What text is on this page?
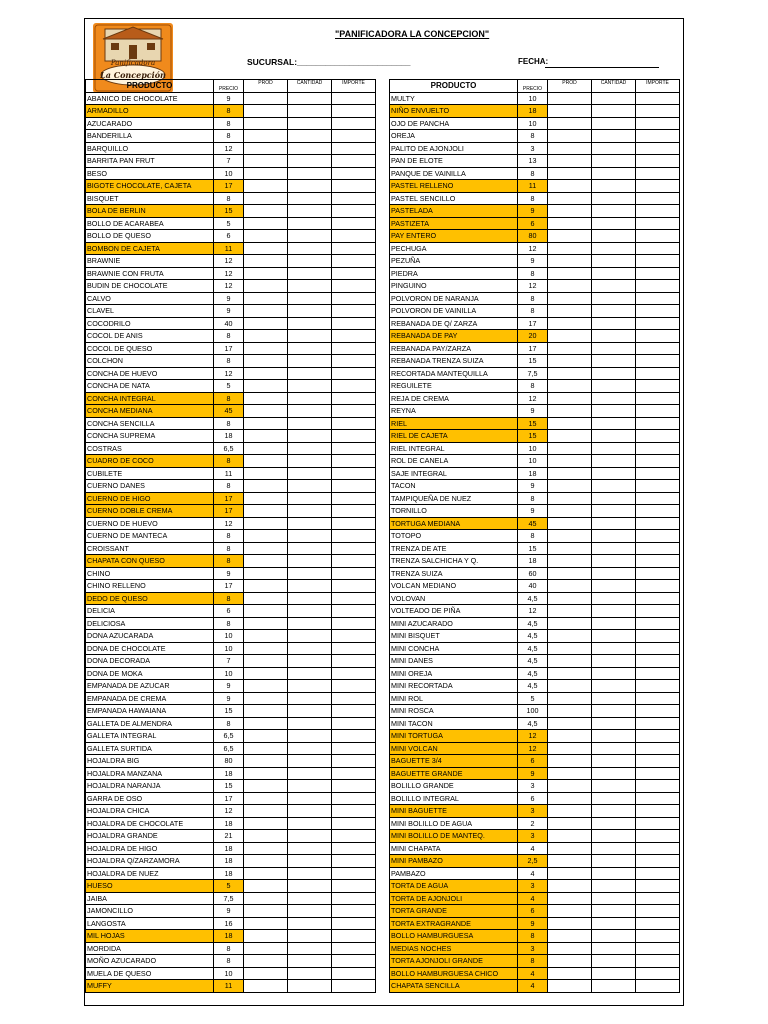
Panificadora
La Concepción
"PANIFICADORA LA CONCEPCION"
SUCURSAL:________________________	FECHA:
PRODUCTO	PRECIO	PROD	CANTIDAD	IMPORTE
ABANICO DE CHOCOLATE	9			
ARMADILLO	8			
AZUCARADO	8			
BANDERILLA	8			
BARQUILLO	12			
BARRITA PAN FRUT	7			
BESO	10			
BIGOTE CHOCOLATE, CAJETA	17			
BISQUET	8			
BOLA DE BERLIN	15			
BOLLO DE ACARABEA	5			
BOLLO DE QUESO	6			
BOMBON DE CAJETA	11			
BRAWNIE	12			
BRAWNIE CON FRUTA	12			
BUDIN DE CHOCOLATE	12			
CALVO	9			
CLAVEL	9			
COCODRILO	40			
COCOL DE ANIS	8			
COCOL DE QUESO	17			
COLCHON	8			
CONCHA DE HUEVO	12			
CONCHA DE NATA	5			
CONCHA INTEGRAL	8			
CONCHA MEDIANA	45			
CONCHA SENCILLA	8			
CONCHA SUPREMA	18			
COSTRAS	6,5			
CUADRO DE COCO	8			
CUBILETE	11			
CUERNO DANES	8			
CUERNO DE HIGO	17			
CUERNO DOBLE CREMA	17			
CUERNO DE HUEVO	12			
CUERNO DE MANTECA	8			
CROISSANT	8			
CHAPATA CON QUESO	8			
CHINO	9			
CHINO RELLENO	17			
DEDO DE QUESO	8			
DELICIA	6			
DELICIOSA	8			
DONA AZUCARADA	10			
DONA DE CHOCOLATE	10			
DONA DECORADA	7			
DONA DE MOKA	10			
EMPANADA DE AZUCAR	9			
EMPANADA DE CREMA	9			
EMPANADA HAWAIANA	15			
GALLETA DE ALMENDRA	8			
GALLETA INTEGRAL	6,5			
GALLETA SURTIDA	6,5			
HOJALDRA BIG	80			
HOJALDRA MANZANA	18			
HOJALDRA NARANJA	15			
GARRA DE OSO	17			
HOJALDRA CHICA	12			
HOJALDRA DE CHOCOLATE	18			
HOJALDRA GRANDE	21			
HOJALDRA DE HIGO	18			
HOJALDRA Q/ZARZAMORA	18			
HOJALDRA DE NUEZ	18			
HUESO	5			
JAIBA	7,5			
JAMONCILLO	9			
LANGOSTA	16			
MIL HOJAS	18			
MORDIDA	8			
MOÑO AZUCARADO	8			
MUELA DE QUESO	10			
MUFFY	11			
PRODUCTO	PRECIO	PROD	CANTIDAD	IMPORTE
MULTY	10			
NIÑO ENVUELTO	18			
OJO DE PANCHA	10			
OREJA	8			
PALITO DE AJONJOLI	3			
PAN DE ELOTE	13			
PANQUE DE VAINILLA	8			
PASTEL RELLENO	11			
PASTEL SENCILLO	8			
PASTELADA	9			
PASTIZETA	6			
PAY ENTERO	80			
PECHUGA	12			
PEZUÑA	9			
PIEDRA	8			
PINGUINO	12			
POLVORON DE NARANJA	8			
POLVORON DE VAINILLA	8			
REBANADA DE Q/ ZARZA	17			
REBANADA DE PAY	20			
REBANADA PAY/ZARZA	17			
REBANADA TRENZA SUIZA	15			
RECORTADA MANTEQUILLA	7,5			
REGUILETE	8			
REJA DE CREMA	12			
REYNA	9			
RIEL	15			
RIEL DE CAJETA	15			
RIEL INTEGRAL	10			
ROL DE CANELA	10			
SAJE INTEGRAL	18			
TACON	9			
TAMPIQUEÑA DE NUEZ	8			
TORNILLO	9			
TORTUGA MEDIANA	45			
TOTOPO	8			
TRENZA DE ATE	15			
TRENZA SALCHICHA Y Q.	18			
TRENZA SUIZA	60			
VOLCAN MEDIANO	40			
VOLOVAN	4,5			
VOLTEADO DE PIÑA	12			
MINI AZUCARADO	4,5			
MINI BISQUET	4,5			
MINI CONCHA	4,5			
MINI DANES	4,5			
MINI OREJA	4,5			
MINI RECORTADA	4,5			
MINI ROL	5			
MINI ROSCA	100			
MINI TACON	4,5			
MINI TORTUGA	12			
MINI VOLCAN	12			
BAGUETTE 3/4	6			
BAGUETTE GRANDE	9			
BOLILLO GRANDE	3			
BOLILLO INTEGRAL	6			
MINI BAGUETTE	3			
MINI BOLILLO DE AGUA	2			
MINI BOLILLO DE MANTEQ.	3			
MINI CHAPATA	4			
MINI PAMBAZO	2,5			
PAMBAZO	4			
TORTA DE AGUA	3			
TORTA DE AJONJOLI	4			
TORTA GRANDE	6			
TORTA EXTRAGRANDE	9			
BOLLO HAMBURGUESA	8			
MEDIAS NOCHES	3			
TORTA AJONJOLI GRANDE	8			
BOLLO HAMBURGUESA CHICO	4			
CHAPATA SENCILLA	4			
